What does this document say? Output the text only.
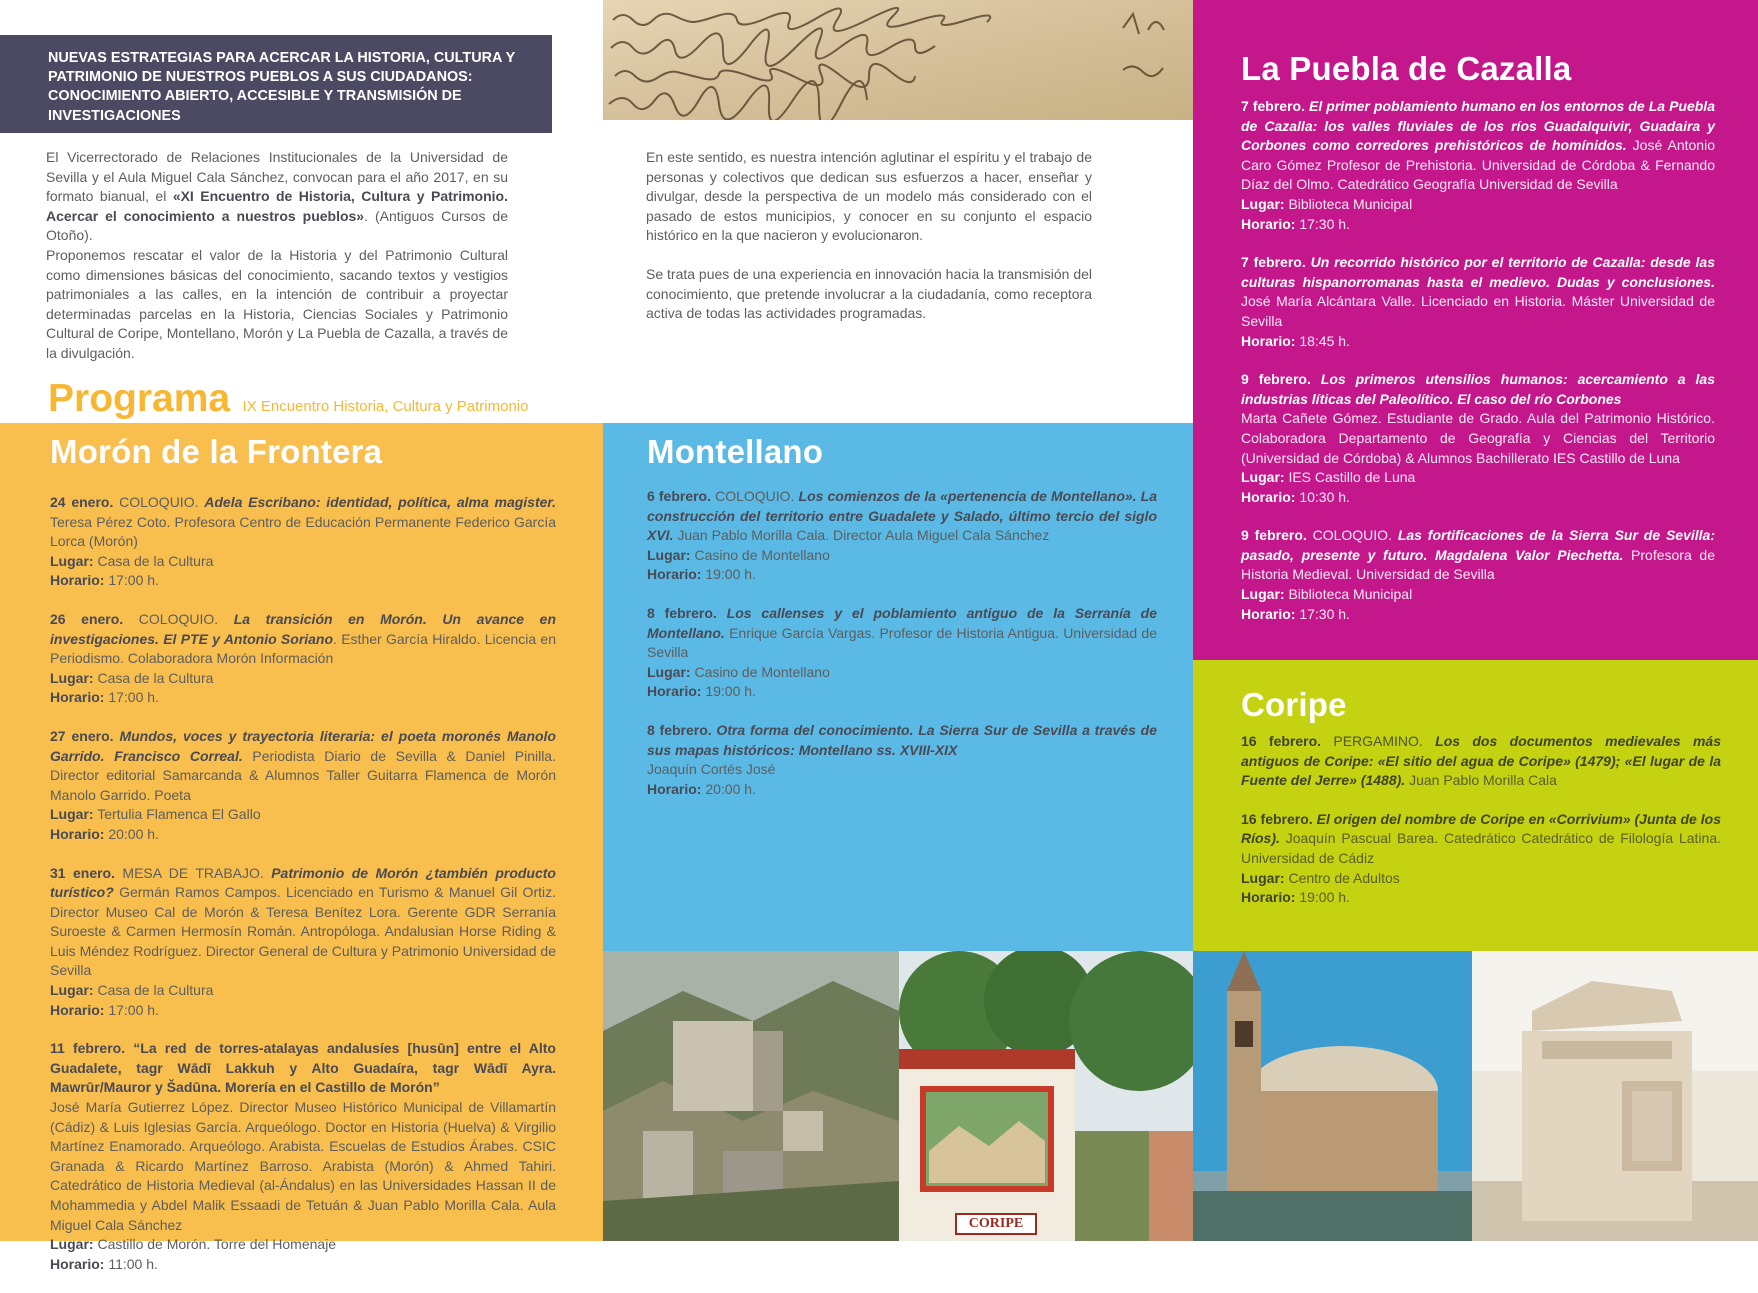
NUEVAS ESTRATEGIAS PARA ACERCAR LA HISTORIA, CULTURA Y PATRIMONIO DE NUESTROS PUEBLOS A SUS CIUDADANOS: CONOCIMIENTO ABIERTO, ACCESIBLE Y TRANSMISIÓN DE INVESTIGACIONES

El Vicerrectorado de Relaciones Institucionales de la Universidad de Sevilla y el Aula Miguel Cala Sánchez, convocan para el año 2017, en su formato bianual, el «XI Encuentro de Historia, Cultura y Patrimonio. Acercar el conocimiento a nuestros pueblos». (Antiguos Cursos de Otoño).

Proponemos rescatar el valor de la Historia y del Patrimonio Cultural como dimensiones básicas del conocimiento, sacando textos y vestigios patrimoniales a las calles, en la intención de contribuir a proyectar determinadas parcelas en la Historia, Ciencias Sociales y Patrimonio Cultural de Coripe, Montellano, Morón y La Puebla de Cazalla, a través de la divulgación.

En este sentido, es nuestra intención aglutinar el espíritu y el trabajo de personas y colectivos que dedican sus esfuerzos a hacer, enseñar y divulgar, desde la perspectiva de un modelo más considerado con el pasado de estos municipios, y conocer en su conjunto el espacio histórico en la que nacieron y evolucionaron.

Se trata pues de una experiencia en innovación hacia la transmisión del conocimiento, que pretende involucrar a la ciudadanía, como receptora activa de todas las actividades programadas.

Programa IX Encuentro Historia, Cultura y Patrimonio
Morón de la Frontera

24 enero. COLOQUIO. Adela Escribano: identidad, política, alma magister. Teresa Pérez Coto. Profesora Centro de Educación Permanente Federico García Lorca (Morón)
Lugar: Casa de la Cultura
Horario: 17:00 h.

26 enero. COLOQUIO. La transición en Morón. Un avance en investigaciones. El PTE y Antonio Soriano. Esther García Hiraldo. Licencia en Periodismo. Colaboradora Morón Información
Lugar: Casa de la Cultura
Horario: 17:00 h.

27 enero. Mundos, voces y trayectoria literaria: el poeta moronés Manolo Garrido. Francisco Correal. Periodista Diario de Sevilla & Daniel Pinilla. Director editorial Samarcanda & Alumnos Taller Guitarra Flamenca de Morón Manolo Garrido. Poeta
Lugar: Tertulia Flamenca El Gallo
Horario: 20:00 h.

31 enero. MESA DE TRABAJO. Patrimonio de Morón ¿también producto turístico? Germán Ramos Campos. Licenciado en Turismo & Manuel Gil Ortiz. Director Museo Cal de Morón & Teresa Benítez Lora. Gerente GDR Serranía Suroeste & Carmen Hermosín Román. Antropóloga. Andalusian Horse Riding & Luis Méndez Rodríguez. Director General de Cultura y Patrimonio Universidad de Sevilla
Lugar: Casa de la Cultura
Horario: 17:00 h.

11 febrero. “La red de torres-atalayas andalusíes [husūn] entre el Alto Guadalete, tagr Wādī Lakkuh y Alto Guadaíra, tagr Wādī Ayra. Mawrūr/Mauror y Šadūna. Morería en el Castillo de Morón”
José María Gutierrez López. Director Museo Histórico Municipal de Villamartín (Cádiz) & Luis Iglesias García. Arqueólogo. Doctor en Historia (Huelva) & Virgilio Martínez Enamorado. Arqueólogo. Arabista. Escuelas de Estudios Árabes. CSIC Granada & Ricardo Martínez Barroso. Arabista (Morón) & Ahmed Tahiri. Catedrático de Historia Medieval (al-Ándalus) en las Universidades Hassan II de Mohammedia y Abdel Malik Essaadi de Tetuán & Juan Pablo Morilla Cala. Aula Miguel Cala Sánchez
Lugar: Castillo de Morón. Torre del Homenaje
Horario: 11:00 h.

Montellano

6 febrero. COLOQUIO. Los comienzos de la «pertenencia de Montellano». La construcción del territorio entre Guadalete y Salado, último tercio del siglo XVI. Juan Pablo Morilla Cala. Director Aula Miguel Cala Sánchez
Lugar: Casino de Montellano
Horario: 19:00 h.

8 febrero. Los callenses y el poblamiento antiguo de la Serranía de Montellano. Enrique García Vargas. Profesor de Historia Antigua. Universidad de Sevilla
Lugar: Casino de Montellano
Horario: 19:00 h.

8 febrero. Otra forma del conocimiento. La Sierra Sur de Sevilla a través de sus mapas históricos: Montellano ss. XVIII-XIX
Joaquín Cortés José
Horario: 20:00 h.

La Puebla de Cazalla

7 febrero. El primer poblamiento humano en los entornos de La Puebla de Cazalla: los valles fluviales de los ríos Guadalquivir, Guadaira y Corbones como corredores prehistóricos de homínidos. José Antonio Caro Gómez Profesor de Prehistoria. Universidad de Córdoba & Fernando Díaz del Olmo. Catedrático Geografía Universidad de Sevilla
Lugar: Biblioteca Municipal
Horario: 17:30 h.

7 febrero. Un recorrido histórico por el territorio de Cazalla: desde las culturas hispanorromanas hasta el medievo. Dudas y conclusiones. José María Alcántara Valle. Licenciado en Historia. Máster Universidad de Sevilla
Horario: 18:45 h.

9 febrero. Los primeros utensilios humanos: acercamiento a las industrias líticas del Paleolítico. El caso del río Corbones
Marta Cañete Gómez. Estudiante de Grado. Aula del Patrimonio Histórico. Colaboradora Departamento de Geografía y Ciencias del Territorio (Universidad de Córdoba) & Alumnos Bachillerato IES Castillo de Luna
Lugar: IES Castillo de Luna
Horario: 10:30 h.

9 febrero. COLOQUIO. Las fortificaciones de la Sierra Sur de Sevilla: pasado, presente y futuro. Magdalena Valor Piechetta. Profesora de Historia Medieval. Universidad de Sevilla
Lugar: Biblioteca Municipal
Horario: 17:30 h.

Coripe

16 febrero. PERGAMINO. Los dos documentos medievales más antiguos de Coripe: «El sitio del agua de Coripe» (1479); «El lugar de la Fuente del Jerre» (1488). Juan Pablo Morilla Cala

16 febrero. El origen del nombre de Coripe en «Corrivium» (Junta de los Ríos). Joaquín Pascual Barea. Catedrático Catedrático de Filología Latina. Universidad de Cádiz
Lugar: Centro de Adultos
Horario: 19:00 h.

CORIPE
